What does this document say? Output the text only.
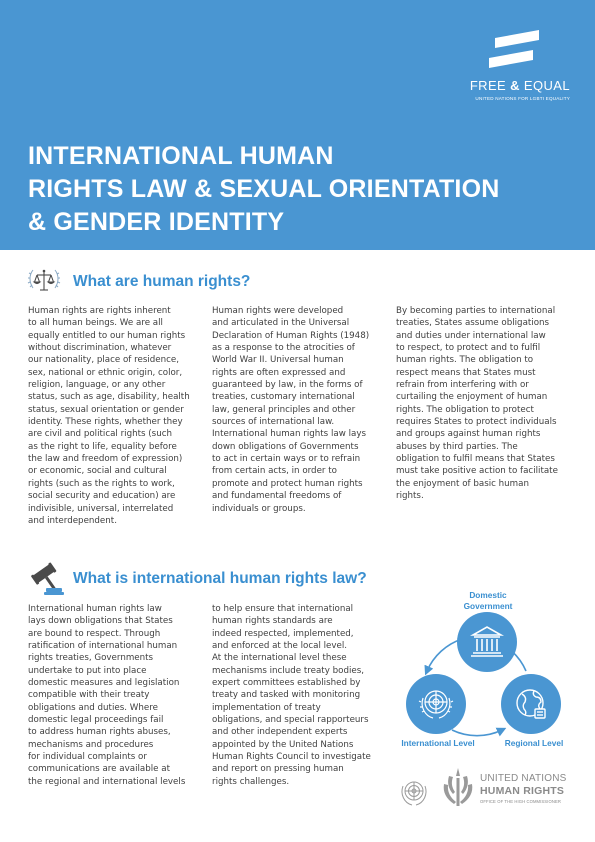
FREE & EQUAL
UNITED NATIONS FOR LGBTI EQUALITY
INTERNATIONAL HUMAN
RIGHTS LAW & SEXUAL ORIENTATION
& GENDER IDENTITY
What are human rights?
Human rights are rights inherent
to all human beings. We are all
equally entitled to our human rights
without discrimination, whatever
our nationality, place of residence,
sex, national or ethnic origin, color,
religion, language, or any other
status, such as age, disability, health
status, sexual orientation or gender
identity. These rights, whether they
are civil and political rights (such
as the right to life, equality before
the law and freedom of expression)
or economic, social and cultural
rights (such as the rights to work,
social security and education) are
indivisible, universal, interrelated
and interdependent.
Human rights were developed
and articulated in the Universal
Declaration of Human Rights (1948)
as a response to the atrocities of
World War II. Universal human
rights are often expressed and
guaranteed by law, in the forms of
treaties, customary international
law, general principles and other
sources of international law.
International human rights law lays
down obligations of Governments
to act in certain ways or to refrain
from certain acts, in order to
promote and protect human rights
and fundamental freedoms of
individuals or groups.
By becoming parties to international
treaties, States assume obligations
and duties under international law
to respect, to protect and to fulfil
human rights. The obligation to
respect means that States must
refrain from interfering with or
curtailing the enjoyment of human
rights. The obligation to protect
requires States to protect individuals
and groups against human rights
abuses by third parties. The
obligation to fulfil means that States
must take positive action to facilitate
the enjoyment of basic human
rights.
What is international human rights law?
International human rights law
lays down obligations that States
are bound to respect. Through
ratification of international human
rights treaties, Governments
undertake to put into place
domestic measures and legislation
compatible with their treaty
obligations and duties. Where
domestic legal proceedings fail
to address human rights abuses,
mechanisms and procedures
for individual complaints or
communications are available at
the regional and international levels
to help ensure that international
human rights standards are
indeed respected, implemented,
and enforced at the local level.
At the international level these
mechanisms include treaty bodies,
expert committees established by
treaty and tasked with monitoring
implementation of treaty
obligations, and special rapporteurs
and other independent experts
appointed by the United Nations
Human Rights Council to investigate
and report on pressing human
rights challenges.
Domestic
Government
International Level	Regional Level
UNITED NATIONS
HUMAN RIGHTS
OFFICE OF THE HIGH COMMISSIONER
